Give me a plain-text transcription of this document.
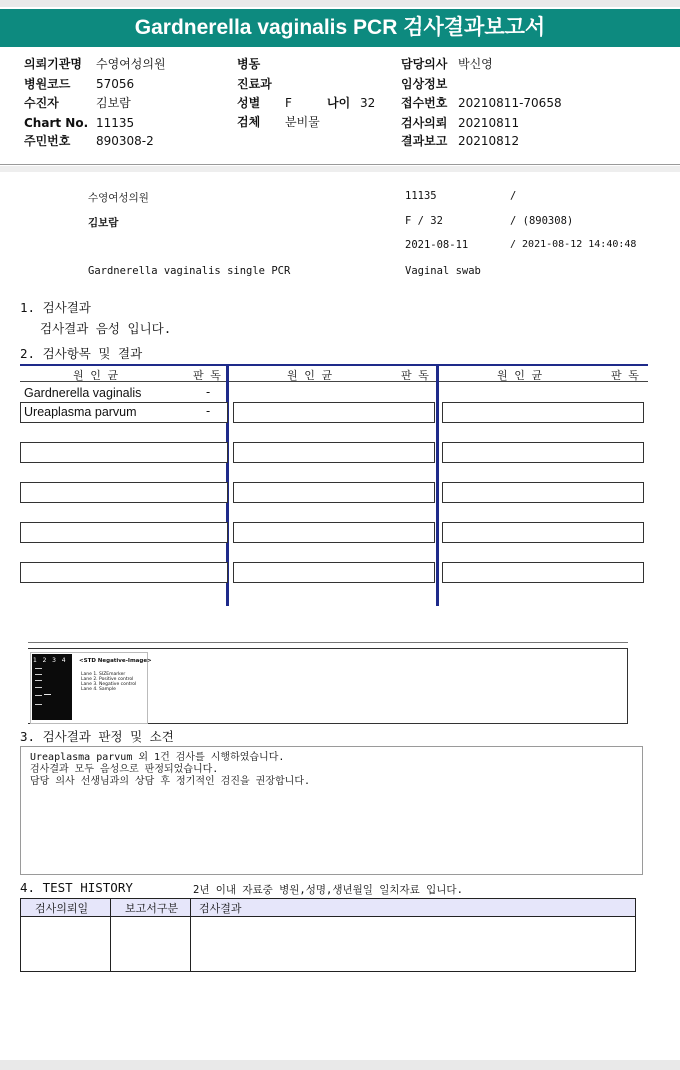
Gardnerella vaginalis PCR 검사결과보고서
의뢰기관명 수영여성의원
병원코드 57056
수진자	김보람
Chart No. 11135
주민번호 890308-2
병동
진료과
성별 F	나이 32
검체 분비물
담당의사 박신영
임상정보
접수번호 20210811-70658
검사의뢰 20210811
결과보고 20210812
수영여성의원	11135	/
김보람	F / 32	/ (890308)
2021-08-11	/ 2021-08-12 14:40:48
Gardnerella vaginalis single PCR	Vaginal swab
1. 검사결과
검사결과 음성 입니다.
2. 검사항목 및 결과
원 인 균	판 독	원 인 균	판 독	원 인 균	판 독
Gardnerella vaginalis	-
Ureaplasma parvum	-
1 2 3 4 <STD Negative-Image>
Lane 1. SIZEmarker
Lane 2. Positive control
Lane 3. Negative control
Lane 4. Sample
3. 검사결과 판정 및 소견
Ureaplasma parvum 외 1건 검사를 시행하였습니다.
검사결과 모두 음성으로 판정되었습니다.
담당 의사 선생님과의 상담 후 정기적인 검진을 권장합니다.
4. TEST HISTORY	2년 이내 자료중 병원,성명,생년월일 일치자료 입니다.
검사의뢰일	보고서구분	검사결과
